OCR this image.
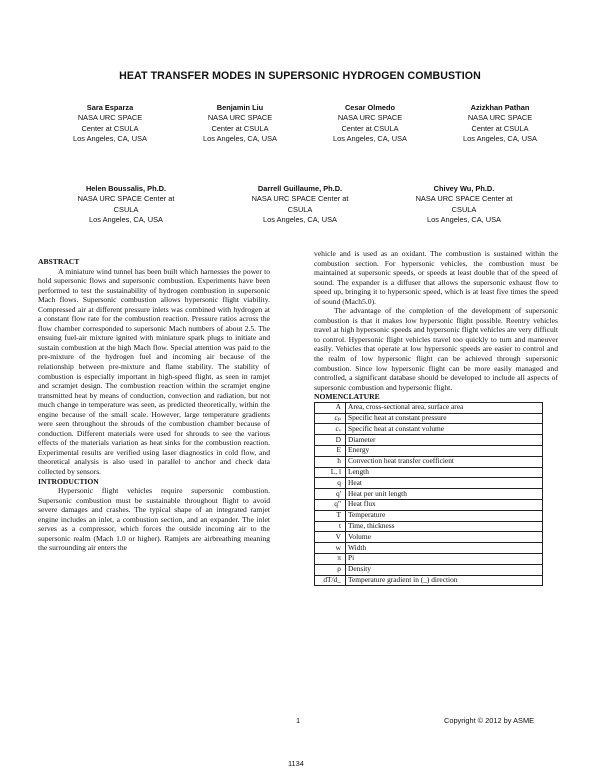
HEAT TRANSFER MODES IN SUPERSONIC HYDROGEN COMBUSTION
Sara Esparza
NASA URC SPACE
Center at CSULA
Los Angeles, CA, USA
Benjamin Liu
NASA URC SPACE
Center at CSULA
Los Angeles, CA, USA
Cesar Olmedo
NASA URC SPACE
Center at CSULA
Los Angeles, CA, USA
Azizkhan Pathan
NASA URC SPACE
Center at CSULA
Los Angeles, CA, USA
Helen Boussalis, Ph.D.
NASA URC SPACE Center at
CSULA
Los Angeles, CA, USA
Darrell Guillaume, Ph.D.
NASA URC SPACE Center at
CSULA
Los Angeles, CA, USA
Chivey Wu, Ph.D.
NASA URC SPACE Center at
CSULA
Los Angeles, CA, USA
ABSTRACT

A miniature wind tunnel has been built which harnesses the power to hold supersonic flows and supersonic combustion. Experiments have been performed to test the sustainability of hydrogen combustion in supersonic Mach flows. Supersonic combustion allows hypersonic flight viability. Compressed air at different pressure inlets was combined with hydrogen at a constant flow rate for the combustion reaction. Pressure ratios across the flow chamber corresponded to supersonic Mach numbers of about 2.5. The ensuing fuel-air mixture ignited with miniature spark plugs to initiate and sustain combustion at the high Mach flow. Special attention was paid to the pre-mixture of the hydrogen fuel and incoming air because of the relationship between pre-mixture and flame stability. The stability of combustion is especially important in high-speed flight, as seen in ramjet and scramjet design. The combustion reaction within the scramjet engine transmitted heat by means of conduction, convection and radiation, but not much change in temperature was seen, as predicted theoretically, within the engine because of the small scale. However, large temperature gradients were seen throughout the shrouds of the combustion chamber because of conduction. Different materials were used for shrouds to see the various effects of the materials variation as heat sinks for the combustion reaction. Experimental results are verified using laser diagnostics in cold flow, and theoretical analysis is also used in parallel to anchor and check data collected by sensors.

INTRODUCTION

Hypersonic flight vehicles require supersonic combustion. Supersonic combustion must be sustainable throughout flight to avoid severe damages and crashes. The typical shape of an integrated ramjet engine includes an inlet, a combustion section, and an expander. The inlet serves as a compressor, which forces the outside incoming air to the supersonic realm (Mach 1.0 or higher). Ramjets are airbreathing meaning the surrounding air enters the

vehicle and is used as an oxidant. The combustion is sustained within the combustion section. For hypersonic vehicles, the combustion must be maintained at supersonic speeds, or speeds at least double that of the speed of sound. The expander is a diffuser that allows the supersonic exhaust flow to speed up, bringing it to hypersonic speed, which is at least five times the speed of sound (Mach5.0).

The advantage of the completion of the development of supersonic combustion is that it makes low hypersonic flight possible. Reentry vehicles travel at high hypersonic speeds and hypersonic flight vehicles are very difficult to control. Hypersonic flight vehicles travel too quickly to turn and maneuver easily. Vehicles that operate at low hypersonic speeds are easier to control and the realm of low hypersonic flight can be achieved through supersonic combustion. Since low hypersonic flight can be more easily managed and controlled, a significant database should be developed to include all aspects of supersonic combustion and hypersonic flight.

NOMENCLATURE
A	Area, cross-sectional area, surface area
cₚ	Specific heat at constant pressure
cᵥ	Specific heat at constant volume
D	Diameter
E	Energy
h	Convection heat transfer coefficient
L, l	Length
q	Heat
q'	Heat per unit length
q"	Heat flux
T	Temperature
t	Time, thickness
V	Volume
w	Width
π	Pi
ρ	Density
dT/d_	Temperature gradient in (_) direction
1	Copyright © 2012 by ASME
1134
